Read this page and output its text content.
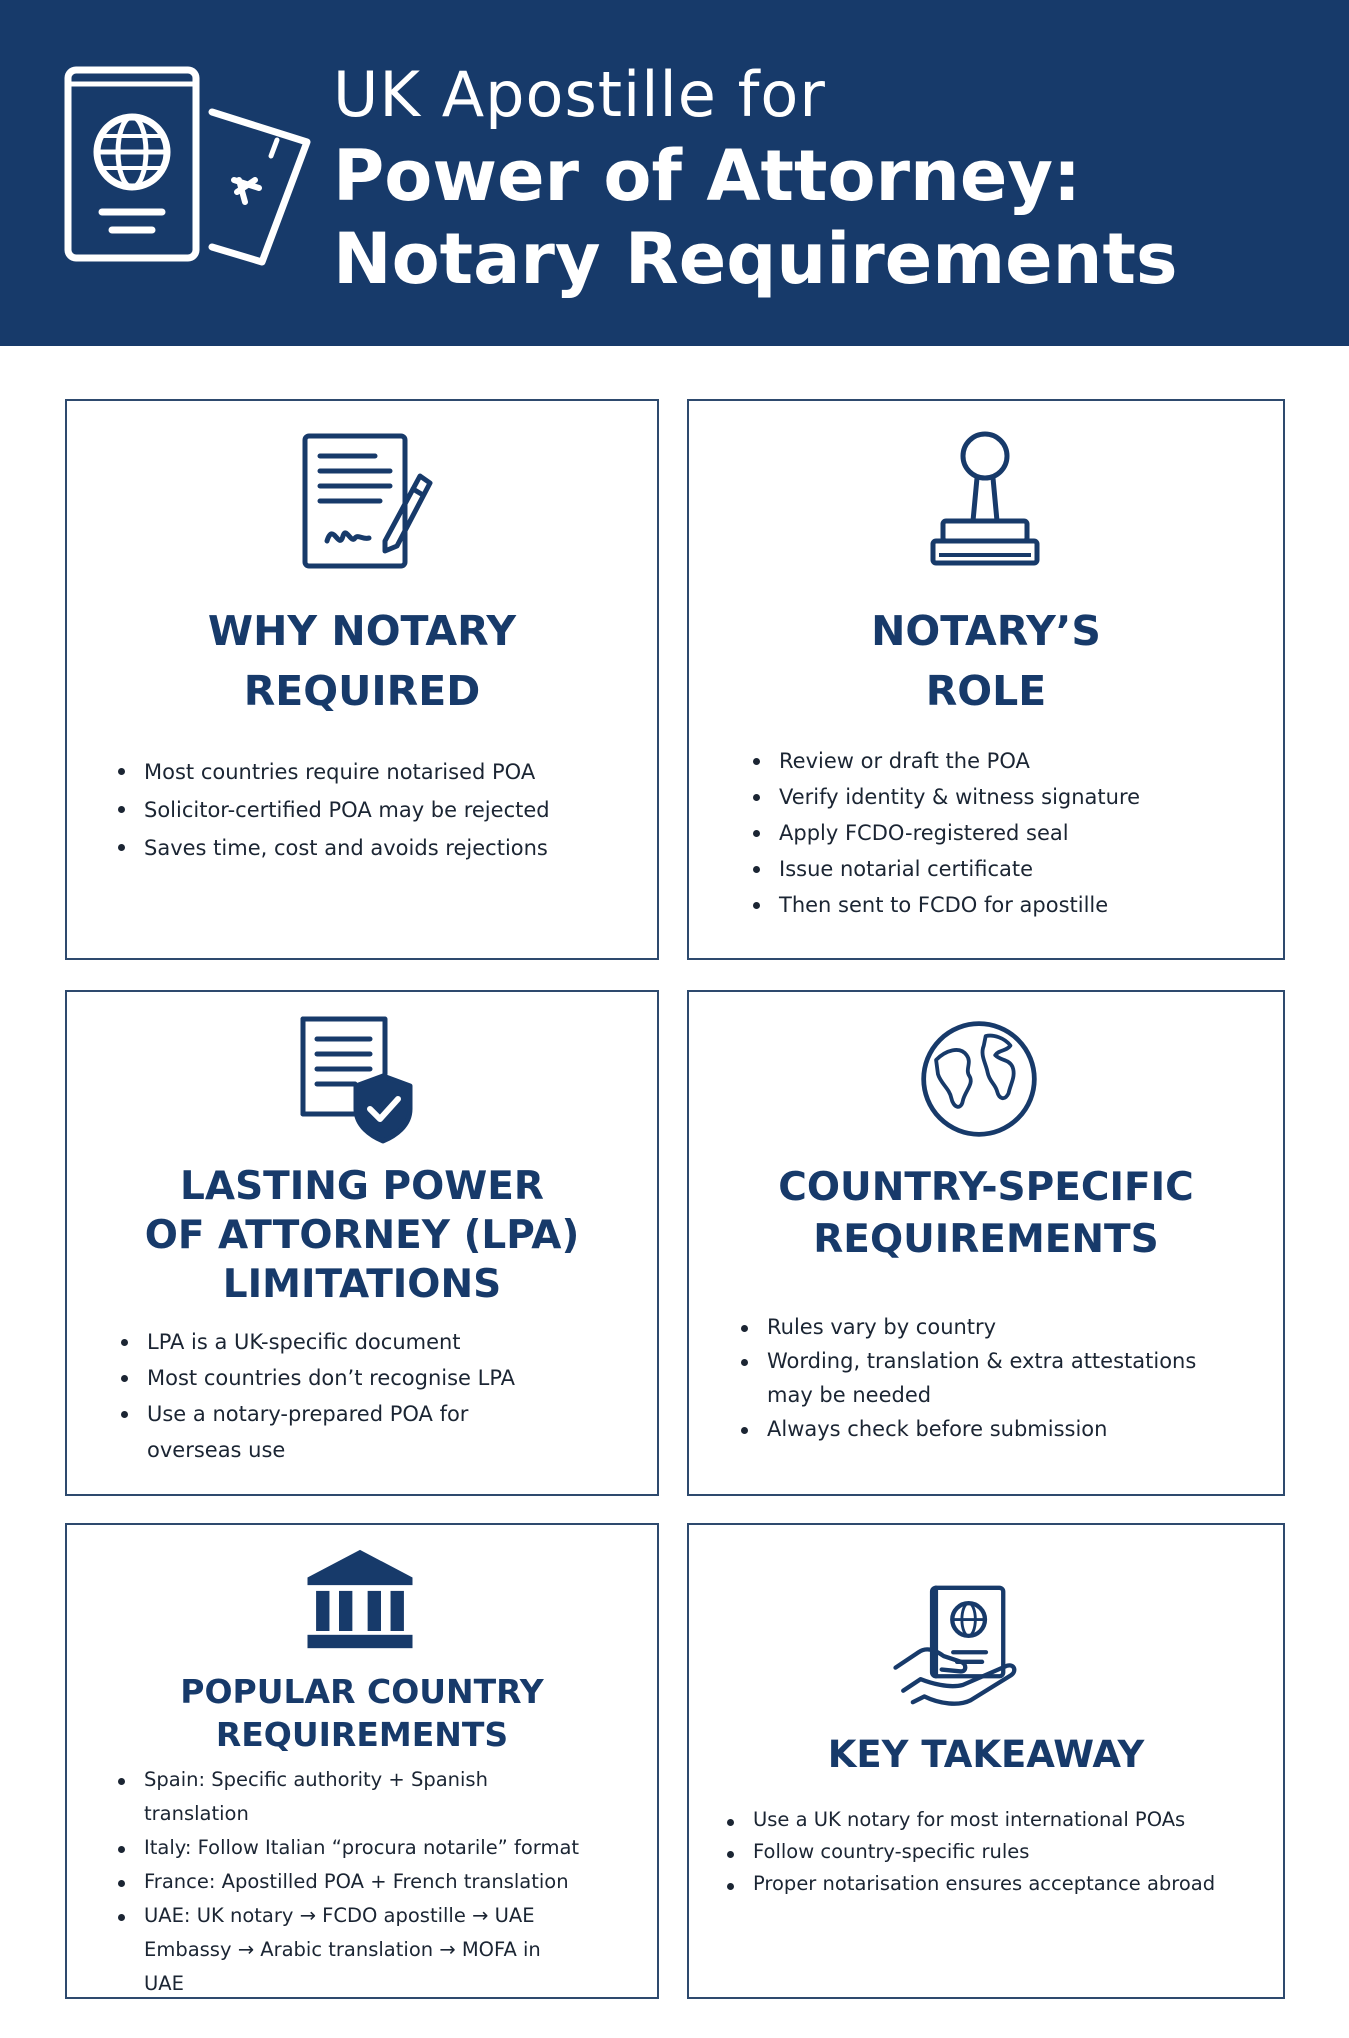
UK Apostille for
Power of Attorney:
Notary Requirements
WHY NOTARY
REQUIRED
Most countries require notarised POA
Solicitor-certified POA may be rejected
Saves time, cost and avoids rejections
NOTARY’S
ROLE
Review or draft the POA
Verify identity & witness signature
Apply FCDO-registered seal
Issue notarial certificate
Then sent to FCDO for apostille
LASTING POWER
OF ATTORNEY (LPA)
LIMITATIONS
LPA is a UK-specific document
Most countries don’t recognise LPA
Use a notary-prepared POA for overseas use
COUNTRY-SPECIFIC
REQUIREMENTS
Rules vary by country
Wording, translation & extra attestations may be needed
Always check before submission
POPULAR COUNTRY
REQUIREMENTS
Spain: Specific authority + Spanish translation
Italy: Follow Italian “procura notarile” format
France: Apostilled POA + French translation
UAE: UK notary → FCDO apostille → UAE Embassy → Arabic translation → MOFA in UAE
KEY TAKEAWAY
Use a UK notary for most international POAs
Follow country-specific rules
Proper notarisation ensures acceptance abroad
